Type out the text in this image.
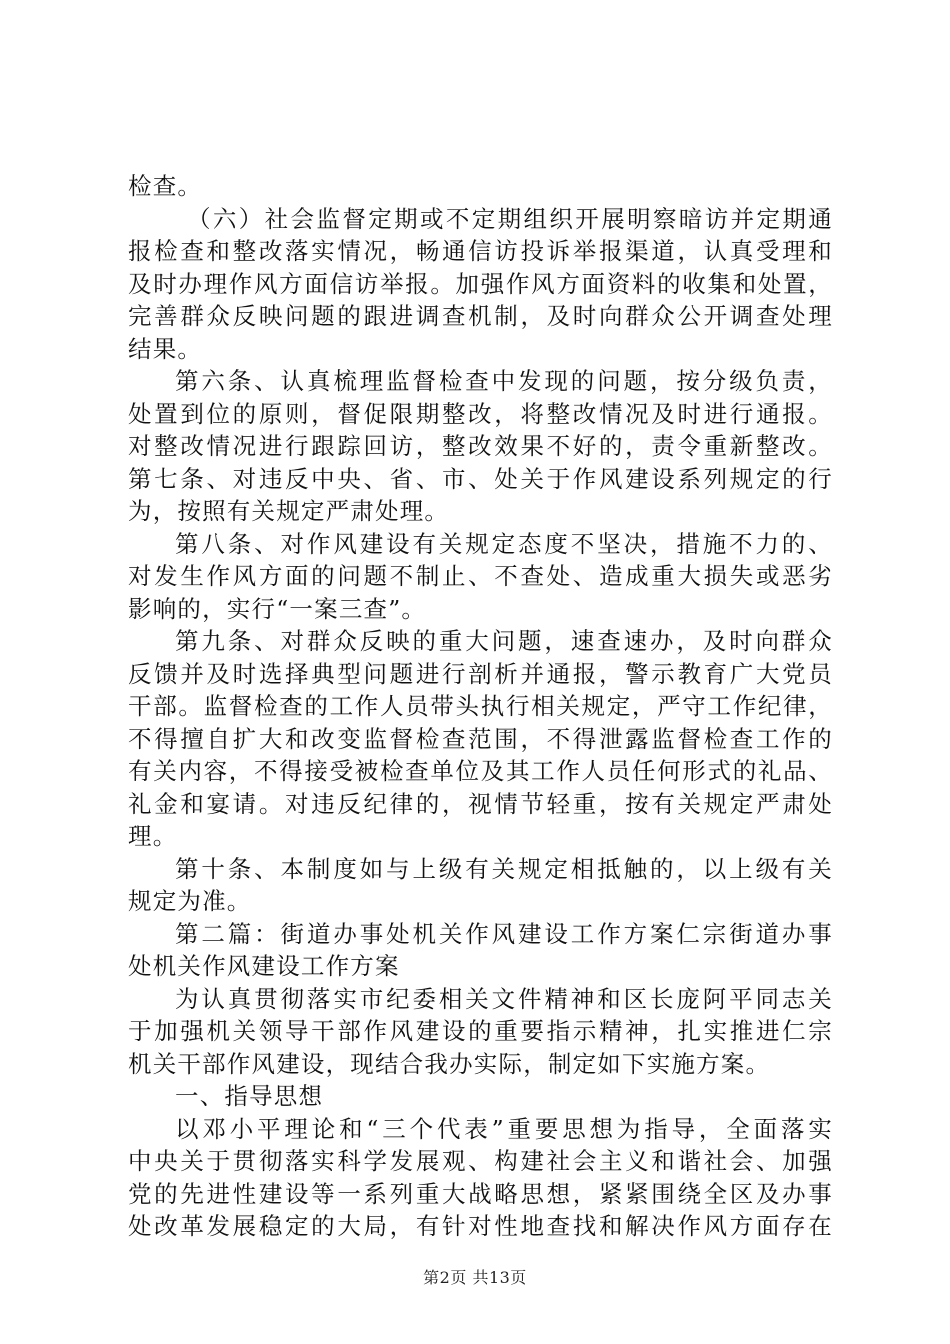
检查。
（六）社会监督定期或不定期组织开展明察暗访并定期通
报检查和整改落实情况，畅通信访投诉举报渠道，认真受理和
及时办理作风方面信访举报。加强作风方面资料的收集和处置，
完善群众反映问题的跟进调查机制，及时向群众公开调查处理
结果。
第六条、认真梳理监督检查中发现的问题，按分级负责，
处置到位的原则，督促限期整改，将整改情况及时进行通报。
对整改情况进行跟踪回访，整改效果不好的，责令重新整改。
第七条、对违反中央、省、市、处关于作风建设系列规定的行
为，按照有关规定严肃处理。
第八条、对作风建设有关规定态度不坚决，措施不力的、
对发生作风方面的问题不制止、不查处、造成重大损失或恶劣
影响的，实行“一案三查”。
第九条、对群众反映的重大问题，速查速办，及时向群众
反馈并及时选择典型问题进行剖析并通报，警示教育广大党员
干部。监督检查的工作人员带头执行相关规定，严守工作纪律，
不得擅自扩大和改变监督检查范围，不得泄露监督检查工作的
有关内容，不得接受被检查单位及其工作人员任何形式的礼品、
礼金和宴请。对违反纪律的，视情节轻重，按有关规定严肃处
理。
第十条、本制度如与上级有关规定相抵触的，以上级有关
规定为准。
第二篇：街道办事处机关作风建设工作方案仁宗街道办事
处机关作风建设工作方案
为认真贯彻落实市纪委相关文件精神和区长庞阿平同志关
于加强机关领导干部作风建设的重要指示精神，扎实推进仁宗
机关干部作风建设，现结合我办实际，制定如下实施方案。
一、指导思想
以邓小平理论和“三个代表”重要思想为指导，全面落实
中央关于贯彻落实科学发展观、构建社会主义和谐社会、加强
党的先进性建设等一系列重大战略思想，紧紧围绕全区及办事
处改革发展稳定的大局，有针对性地查找和解决作风方面存在
第2页 共13页
